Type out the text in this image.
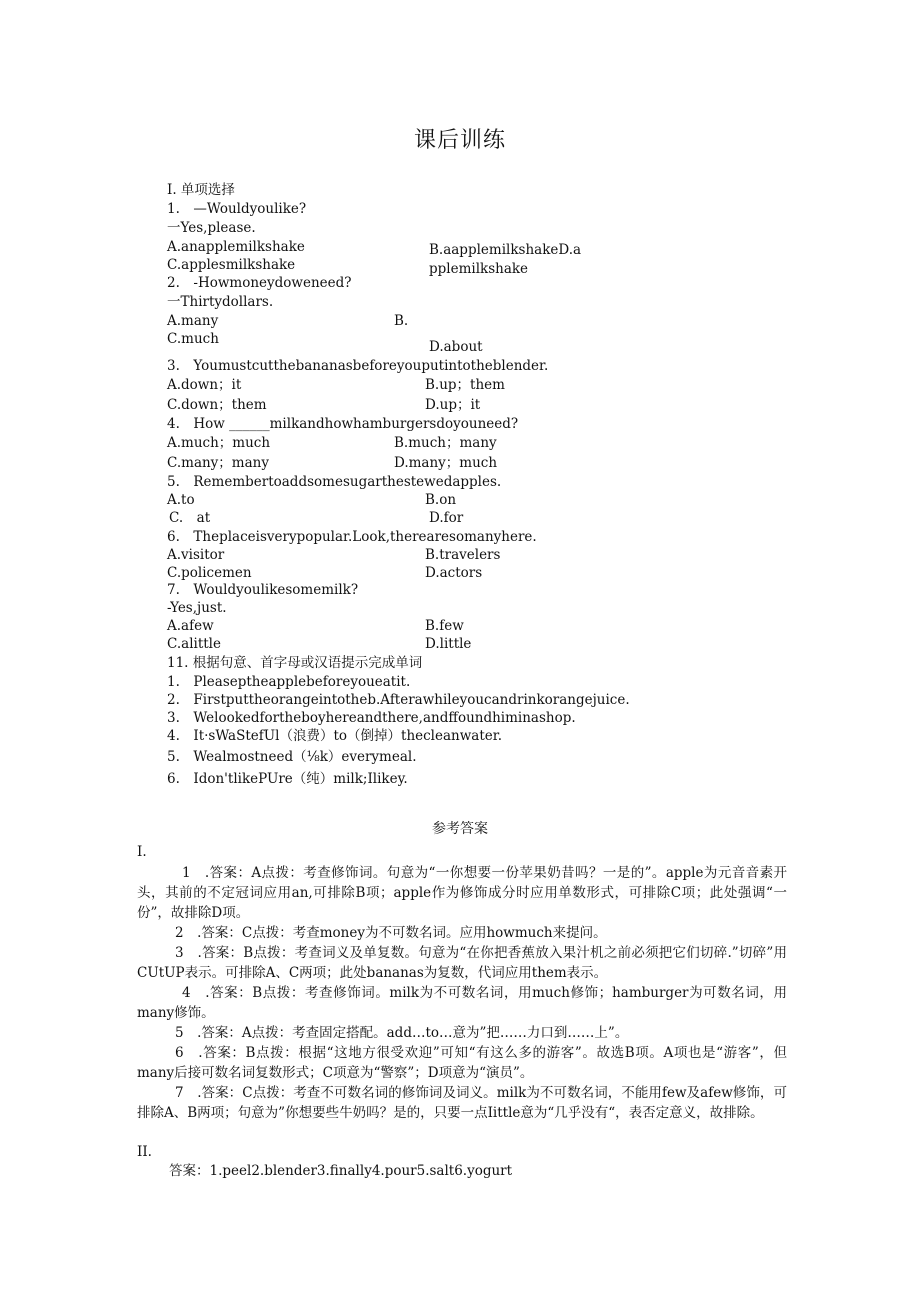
课后训练
I. 单项选择
1.　—Wouldyoulike?
一Yes,please.
A.anapplemilkshake	B.aapplemilkshakeD.a
C.applesmilkshake	pplemilkshake
2.　-Howmoneydoweneed?
一Thirtydollars.
A.many	B.
C.much	D.about
3.　Youmustcutthebananasbeforeyouputintotheblender.
A.down；it	B.up；them
C.down；them	D.up；it
4.　How ______milkandhowhamburgersdoyouneed?
A.much；much	B.much；many
C.many；many	D.many；much
5.　Remembertoaddsomesugarthestewedapples.
A.to	B.on
C.　at	D.for
6.　Theplaceisverypopular.Look,therearesomanyhere.
A.visitor	B.travelers
C.policemen	D.actors
7.　Wouldyoulikesomemilk?
-Yes,just.
A.afew	B.few
C.alittle	D.little
11. 根据句意、首字母或汉语提示完成单词
1.　Pleaseptheapplebeforeyoueatit.
2.　Firstputtheorangeintotheb.Afterawhileyoucandrinkorangejuice.
3.　Welookedfortheboyhereandthere,andffoundhiminashop.
4.　It·sWaStefUl（浪费）to（倒掉）thecleanwater.
5.　Wealmostneed（⅛k）everymeal.
6.　Idon'tlikePUre（纯）milk;Ilikey.
参考答案
I.
1　.答案：A点拨：考查修饰词。句意为“一你想要一份苹果奶昔吗？一是的”。apple为元音音素开头，其前的不定冠词应用an,可排除B项；apple作为修饰成分时应用单数形式，可排除C项；此处强调“一份”，故排除D项。
2　.答案：C点拨：考查money为不可数名词。应用howmuch来提问。
3　.答案：B点拨：考查词义及单复数。句意为“在你把香蕉放入果汁机之前必须把它们切碎.”切碎”用CUtUP表示。可排除A、C两项；此处bananas为复数，代词应用them表示。
4　.答案：B点拨：考查修饰词。milk为不可数名词，用much修饰；hamburger为可数名词，用many修饰。
5　.答案：A点拨：考查固定搭配。add…to…意为”把……力口到……上”。
6　.答案：B点拨：根据“这地方很受欢迎”可知“有这么多的游客”。故选B项。A项也是“游客”，但many后接可数名词复数形式；C项意为“警察”；D项意为“演员”。
7　.答案：C点拨：考查不可数名词的修饰词及词义。milk为不可数名词，不能用few及afew修饰，可排除A、B两项；句意为”你想要些牛奶吗？是的，只要一点Iittle意为“几乎没有“，表否定意义，故排除。
II.
答案：1.peel2.blender3.finally4.pour5.salt6.yogurt
